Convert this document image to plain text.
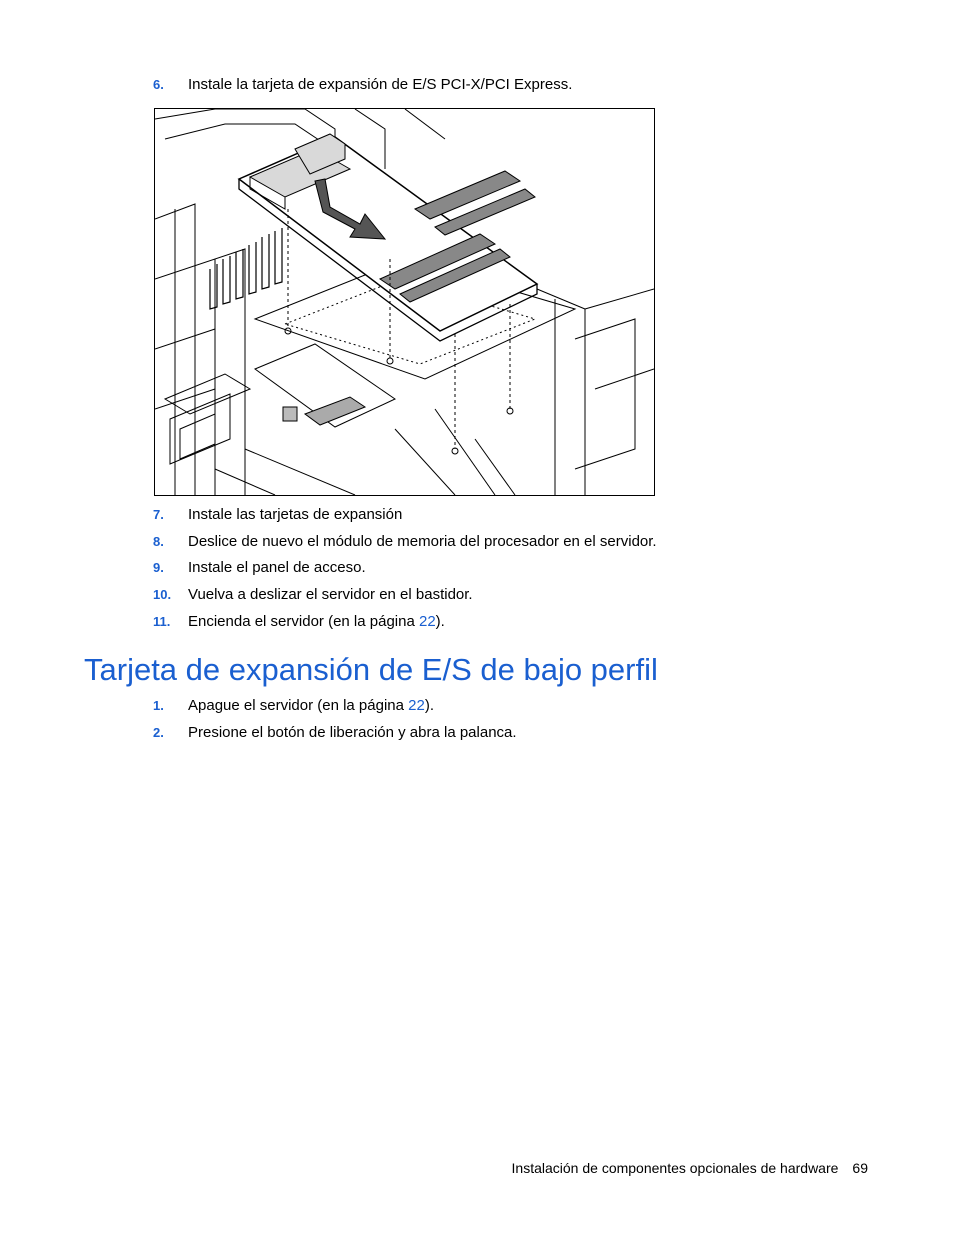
6. Instale la tarjeta de expansión de E/S PCI-X/PCI Express.
7. Instale las tarjetas de expansión
8. Deslice de nuevo el módulo de memoria del procesador en el servidor.
9. Instale el panel de acceso.
10. Vuelva a deslizar el servidor en el bastidor.
11. Encienda el servidor (en la página 22).
Tarjeta de expansión de E/S de bajo perfil
1. Apague el servidor (en la página 22).
2. Presione el botón de liberación y abra la palanca.
Instalación de componentes opcionales de hardware 69
